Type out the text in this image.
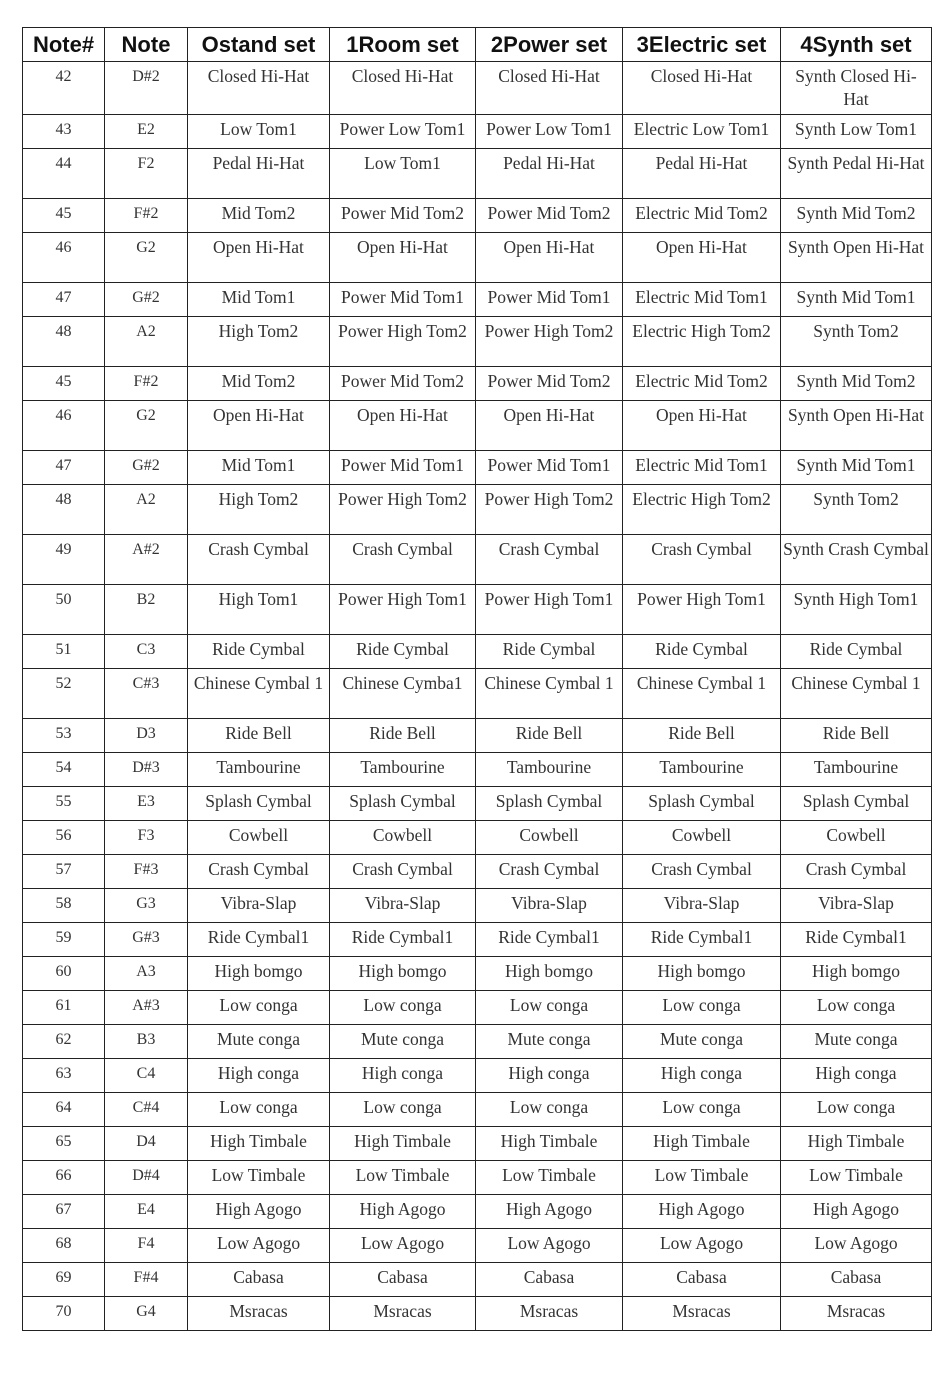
Note#	Note	Ostand set	1Room set	2Power set	3Electric set	4Synth set
42	D#2	Closed Hi-Hat	Closed Hi-Hat	Closed Hi-Hat	Closed Hi-Hat	Synth Closed Hi-Hat
43	E2	Low Tom1	Power Low Tom1	Power Low Tom1	Electric Low Tom1	Synth Low Tom1
44	F2	Pedal Hi-Hat	Low Tom1	Pedal Hi-Hat	Pedal Hi-Hat	Synth Pedal Hi-Hat
45	F#2	Mid Tom2	Power Mid Tom2	Power Mid Tom2	Electric Mid Tom2	Synth Mid Tom2
46	G2	Open Hi-Hat	Open Hi-Hat	Open Hi-Hat	Open Hi-Hat	Synth Open Hi-Hat
47	G#2	Mid Tom1	Power Mid Tom1	Power Mid Tom1	Electric Mid Tom1	Synth Mid Tom1
48	A2	High Tom2	Power High Tom2	Power High Tom2	Electric High Tom2	Synth Tom2
45	F#2	Mid Tom2	Power Mid Tom2	Power Mid Tom2	Electric Mid Tom2	Synth Mid Tom2
46	G2	Open Hi-Hat	Open Hi-Hat	Open Hi-Hat	Open Hi-Hat	Synth Open Hi-Hat
47	G#2	Mid Tom1	Power Mid Tom1	Power Mid Tom1	Electric Mid Tom1	Synth Mid Tom1
48	A2	High Tom2	Power High Tom2	Power High Tom2	Electric High Tom2	Synth Tom2
49	A#2	Crash Cymbal	Crash Cymbal	Crash Cymbal	Crash Cymbal	Synth Crash Cymbal
50	B2	High Tom1	Power High Tom1	Power High Tom1	Power High Tom1	Synth High Tom1
51	C3	Ride Cymbal	Ride Cymbal	Ride Cymbal	Ride Cymbal	Ride Cymbal
52	C#3	Chinese Cymbal 1	Chinese Cymba1	Chinese Cymbal 1	Chinese Cymbal 1	Chinese Cymbal 1
53	D3	Ride Bell	Ride Bell	Ride Bell	Ride Bell	Ride Bell
54	D#3	Tambourine	Tambourine	Tambourine	Tambourine	Tambourine
55	E3	Splash Cymbal	Splash Cymbal	Splash Cymbal	Splash Cymbal	Splash Cymbal
56	F3	Cowbell	Cowbell	Cowbell	Cowbell	Cowbell
57	F#3	Crash Cymbal	Crash Cymbal	Crash Cymbal	Crash Cymbal	Crash Cymbal
58	G3	Vibra-Slap	Vibra-Slap	Vibra-Slap	Vibra-Slap	Vibra-Slap
59	G#3	Ride Cymbal1	Ride Cymbal1	Ride Cymbal1	Ride Cymbal1	Ride Cymbal1
60	A3	High bomgo	High bomgo	High bomgo	High bomgo	High bomgo
61	A#3	Low conga	Low conga	Low conga	Low conga	Low conga
62	B3	Mute conga	Mute conga	Mute conga	Mute conga	Mute conga
63	C4	High conga	High conga	High conga	High conga	High conga
64	C#4	Low conga	Low conga	Low conga	Low conga	Low conga
65	D4	High Timbale	High Timbale	High Timbale	High Timbale	High Timbale
66	D#4	Low Timbale	Low Timbale	Low Timbale	Low Timbale	Low Timbale
67	E4	High Agogo	High Agogo	High Agogo	High Agogo	High Agogo
68	F4	Low Agogo	Low Agogo	Low Agogo	Low Agogo	Low Agogo
69	F#4	Cabasa	Cabasa	Cabasa	Cabasa	Cabasa
70	G4	Msracas	Msracas	Msracas	Msracas	Msracas
